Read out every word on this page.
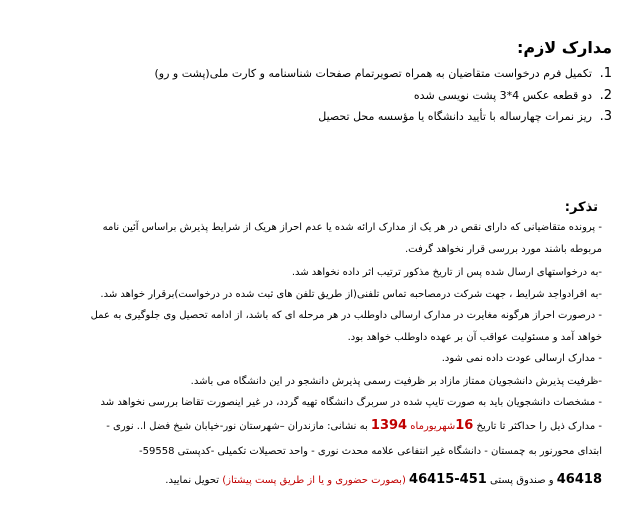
مدارک لازم:
1.تکمیل فرم درخواست متقاضیان به همراه تصویرتمام صفحات شناسنامه و کارت ملی(پشت و رو)
2.دو قطعه عکس 4*3 پشت نویسی شده
3.ریز نمرات چهارساله با تأیید دانشگاه یا مؤسسه محل تحصیل
تذکر:
- پرونده متقاضیانی که دارای نقص در هر یک از مدارک ارائه شده یا عدم احراز هریک از شرایط پذیرش براساس آئین نامه
مربوطه باشند مورد بررسی قرار نخواهد گرفت.
-به درخواستهای ارسال شده پس از تاریخ مذکور ترتیب اثر داده نخواهد شد.
-به افرادواجد شرایط ، جهت شرکت درمصاحبه تماس تلفنی(از طریق تلفن های ثبت شده در درخواست)برقرار خواهد شد.
- درصورت احراز هرگونه مغایرت در مدارک ارسالی داوطلب در هر مرحله ای که باشد، از ادامه تحصیل وی جلوگیری به عمل
خواهد آمد و مسئولیت عواقب آن بر عهده داوطلب خواهد بود.
- مدارک ارسالی عودت داده نمی شود.
-ظرفیت پذیرش دانشجویان ممتاز مازاد بر ظرفیت رسمی پذیرش دانشجو در این دانشگاه می باشد.
- مشخصات دانشجویان باید به صورت تایپ شده در سربرگ دانشگاه تهیه گردد، در غیر اینصورت تقاضا بررسی نخواهد شد
- مدارک ذیل را حداکثر تا تاریخ 16شهریورماه 1394 به نشانی: مازندران –شهرستان نور-خیابان شیخ فضل ا.. نوری -
ابتدای محورنور به چمستان - دانشگاه غیر انتفاعی علامه محدث نوری - واحد تحصیلات تکمیلی -کدپستی 59558-
46418 و صندوق پستی 451-46415 (بصورت حضوری و یا از طریق پست پیشتاز) تحویل نمایید.
